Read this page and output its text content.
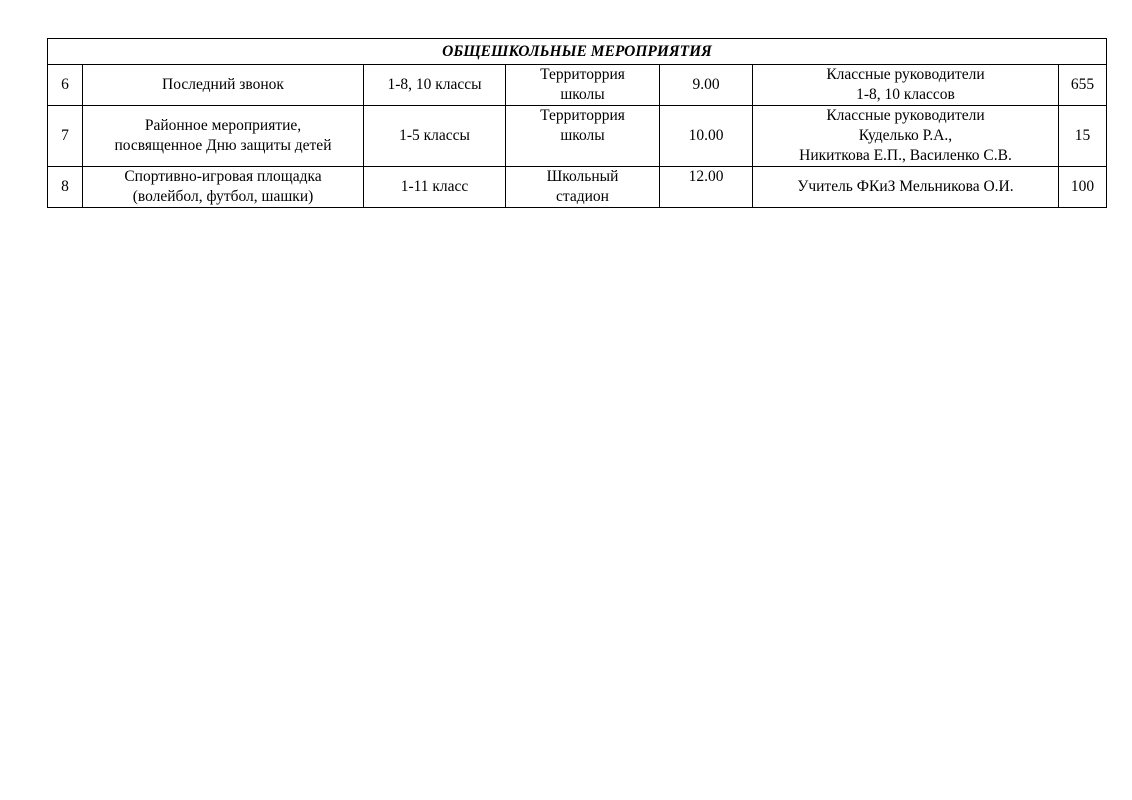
ОБЩЕШКОЛЬНЫЕ МЕРОПРИЯТИЯ						
6	Последний звонок	1-8, 10 классы	Территоррия
школы	9.00	Классные руководители
1-8, 10 классов	655
7	Районное мероприятие,
посвященное Дню защиты детей	1-5 классы	Территоррия
школы	10.00	Классные руководители
Куделько Р.А.,
Никиткова Е.П., Василенко С.В.	15
8	Спортивно-игровая площадка
(волейбол, футбол, шашки)	1-11 класс	Школьный
стадион	12.00	Учитель ФКиЗ Мельникова О.И.	100
